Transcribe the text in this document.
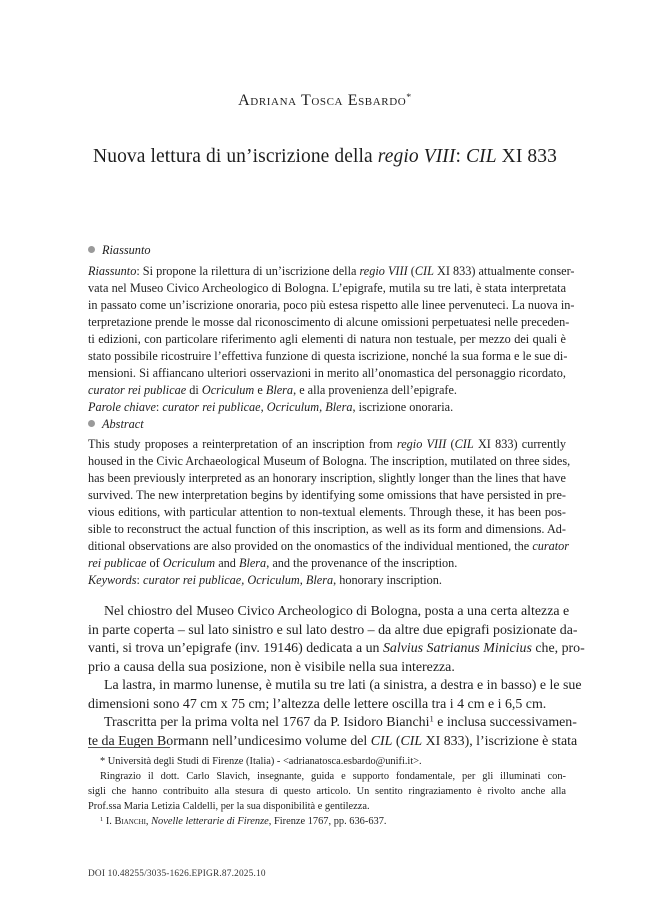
Adriana Tosca Esbardo*
Nuova lettura di un’iscrizione della regio VIII: CIL XI 833
Riassunto
Riassunto: Si propone la rilettura di un’iscrizione della regio VIII (CIL XI 833) attualmente conser-
vata nel Museo Civico Archeologico di Bologna. L’epigrafe, mutila su tre lati, è stata interpretata
in passato come un’iscrizione onoraria, poco più estesa rispetto alle linee pervenuteci. La nuova in-
terpretazione prende le mosse dal riconoscimento di alcune omissioni perpetuatesi nelle preceden-
ti edizioni, con particolare riferimento agli elementi di natura non testuale, per mezzo dei quali è
stato possibile ricostruire l’effettiva funzione di questa iscrizione, nonché la sua forma e le sue di-
mensioni. Si affiancano ulteriori osservazioni in merito all’onomastica del personaggio ricordato,
curator rei publicae di Ocriculum e Blera, e alla provenienza dell’epigrafe.
Parole chiave: curator rei publicae, Ocriculum, Blera, iscrizione onoraria.
Abstract
This study proposes a reinterpretation of an inscription from regio VIII (CIL XI 833) currently
housed in the Civic Archaeological Museum of Bologna. The inscription, mutilated on three sides,
has been previously interpreted as an honorary inscription, slightly longer than the lines that have
survived. The new interpretation begins by identifying some omissions that have persisted in pre-
vious editions, with particular attention to non-textual elements. Through these, it has been pos-
sible to reconstruct the actual function of this inscription, as well as its form and dimensions. Ad-
ditional observations are also provided on the onomastics of the individual mentioned, the curator
rei publicae of Ocriculum and Blera, and the provenance of the inscription.
Keywords: curator rei publicae, Ocriculum, Blera, honorary inscription.
Nel chiostro del Museo Civico Archeologico di Bologna, posta a una certa altezza e
in parte coperta – sul lato sinistro e sul lato destro – da altre due epigrafi posizionate da-
vanti, si trova un’epigrafe (inv. 19146) dedicata a un Salvius Satrianus Minicius che, pro-
prio a causa della sua posizione, non è visibile nella sua interezza.
La lastra, in marmo lunense, è mutila su tre lati (a sinistra, a destra e in basso) e le sue
dimensioni sono 47 cm x 75 cm; l’altezza delle lettere oscilla tra i 4 cm e i 6,5 cm.
Trascritta per la prima volta nel 1767 da P. Isidoro Bianchi$^1$ e inclusa successivamen-
te da Eugen Bormann nell’undicesimo volume del CIL (CIL XI 833), l’iscrizione è stata
* Università degli Studi di Firenze (Italia) - <adrianatosca.esbardo@unifi.it>.
Ringrazio il dott. Carlo Slavich, insegnante, guida e supporto fondamentale, per gli illuminati con-
sigli che hanno contribuito alla stesura di questo articolo. Un sentito ringraziamento è rivolto anche alla
Prof.ssa Maria Letizia Caldelli, per la sua disponibilità e gentilezza.
$^1$ I. Bianchi, Novelle letterarie di Firenze, Firenze 1767, pp. 636-637.
DOI 10.48255/3035-1626.EPIGR.87.2025.10
